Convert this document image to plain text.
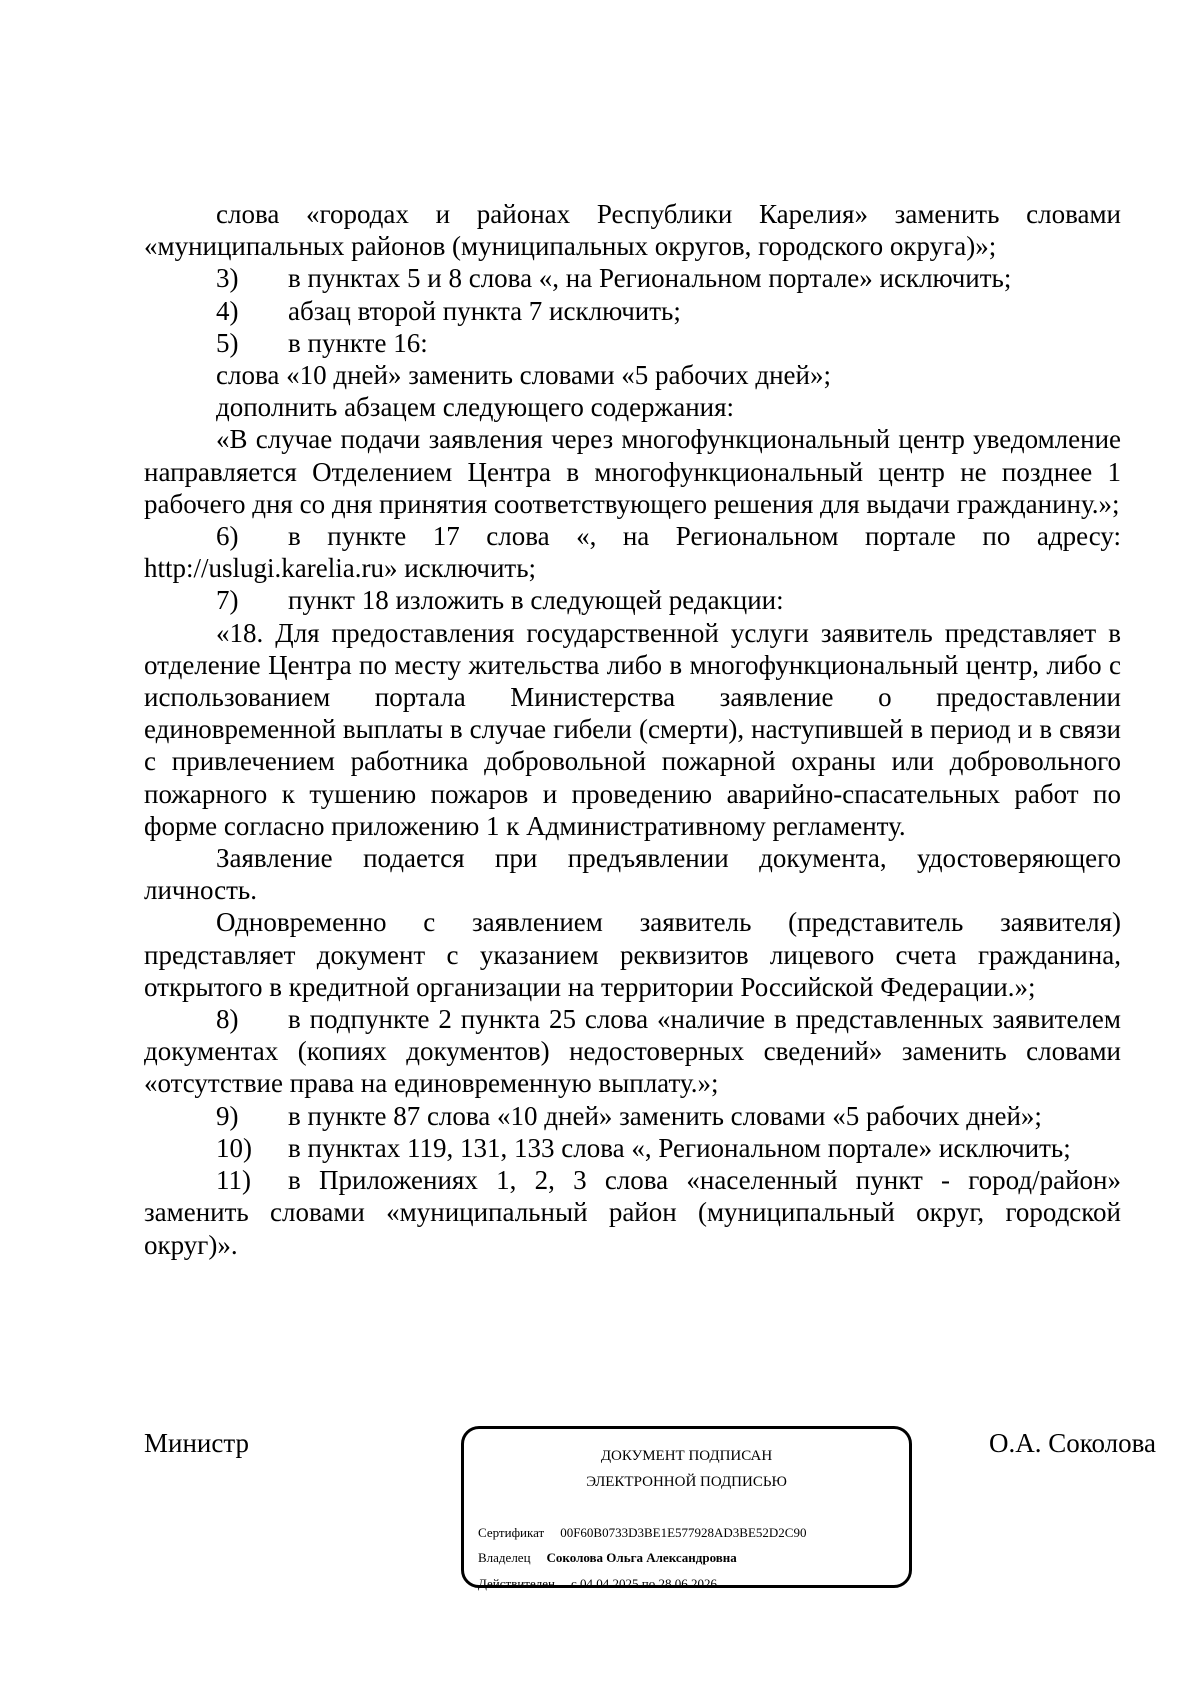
слова «городах и районах Республики Карелия» заменить словами «муниципальных районов (муниципальных округов, городского округа)»;

3) в пунктах 5 и 8 слова «, на Региональном портале» исключить;

4) абзац второй пункта 7 исключить;

5) в пункте 16:

слова «10 дней» заменить словами «5 рабочих дней»;

дополнить абзацем следующего содержания:

«В случае подачи заявления через многофункциональный центр уведомление направляется Отделением Центра в многофункциональный центр не позднее 1 рабочего дня со дня принятия соответствующего решения для выдачи гражданину.»;

6) в пункте 17 слова «, на Региональном портале по адресу: http://uslugi.karelia.ru» исключить;

7) пункт 18 изложить в следующей редакции:

«18. Для предоставления государственной услуги заявитель представляет в отделение Центра по месту жительства либо в многофункциональный центр, либо с использованием портала Министерства заявление о предоставлении единовременной выплаты в случае гибели (смерти), наступившей в период и в связи с привлечением работника добровольной пожарной охраны или добровольного пожарного к тушению пожаров и проведению аварийно-спасательных работ по форме согласно приложению 1 к Административному регламенту.

Заявление подается при предъявлении документа, удостоверяющего личность.

Одновременно с заявлением заявитель (представитель заявителя) представляет документ с указанием реквизитов лицевого счета гражданина, открытого в кредитной организации на территории Российской Федерации.»;

8) в подпункте 2 пункта 25 слова «наличие в представленных заявителем документах (копиях документов) недостоверных сведений» заменить словами «отсутствие права на единовременную выплату.»;

9) в пункте 87 слова «10 дней» заменить словами «5 рабочих дней»;

10) в пунктах 119, 131, 133 слова «, Региональном портале» исключить;

11) в Приложениях 1, 2, 3 слова «населенный пункт - город/район» заменить словами «муниципальный район (муниципальный округ, городской округ)».

Министр	ДОКУМЕНТ ПОДПИСАН
ЭЛЕКТРОННОЙ ПОДПИСЬЮ
Сертификат 00F60B0733D3BE1E577928AD3BE52D2C90
Владелец Соколова Ольга Александровна
Действителен с 04.04.2025 по 28.06.2026
О.А. Соколова
